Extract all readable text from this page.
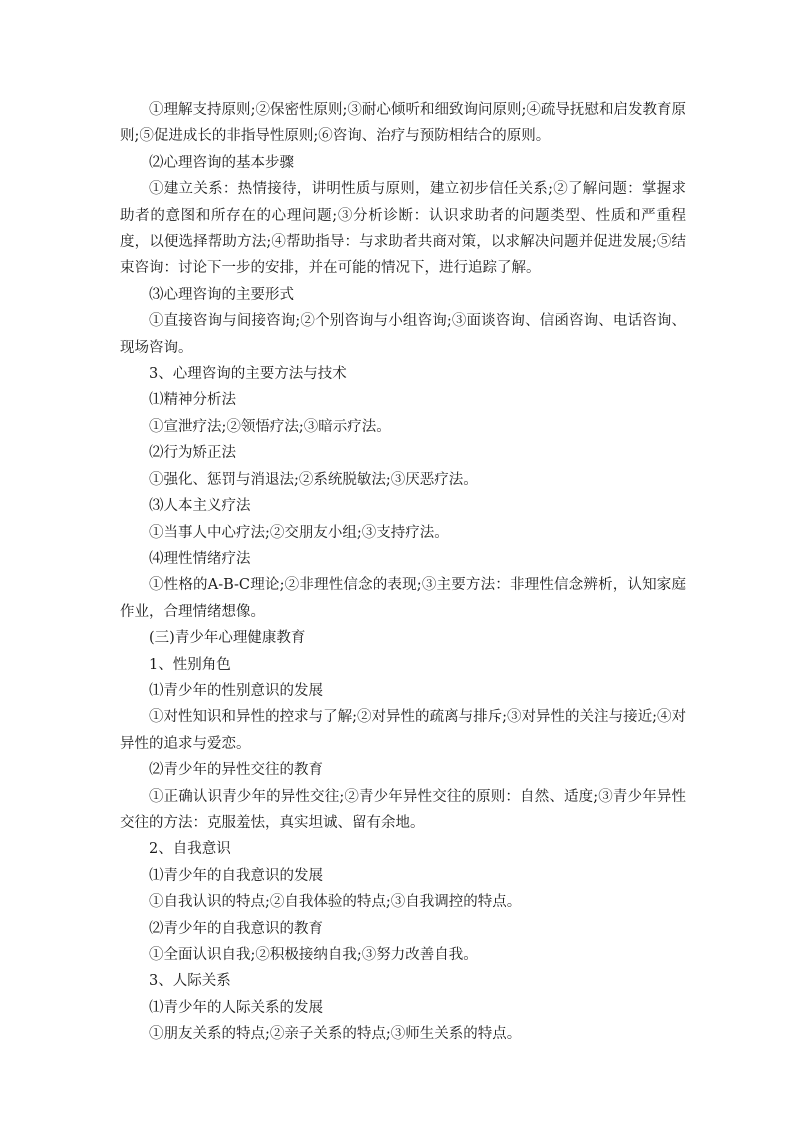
①理解支持原则;②保密性原则;③耐心倾听和细致询问原则;④疏导抚慰和启发教育原则;⑤促进成长的非指导性原则;⑥咨询、治疗与预防相结合的原则。

⑵心理咨询的基本步骤

①建立关系：热情接待，讲明性质与原则，建立初步信任关系;②了解问题：掌握求助者的意图和所存在的心理问题;③分析诊断：认识求助者的问题类型、性质和严重程度，以便选择帮助方法;④帮助指导：与求助者共商对策，以求解决问题并促进发展;⑤结束咨询：讨论下一步的安排，并在可能的情况下，进行追踪了解。

⑶心理咨询的主要形式

①直接咨询与间接咨询;②个别咨询与小组咨询;③面谈咨询、信函咨询、电话咨询、现场咨询。

3、心理咨询的主要方法与技术

⑴精神分析法

①宣泄疗法;②领悟疗法;③暗示疗法。

⑵行为矫正法

①强化、惩罚与消退法;②系统脱敏法;③厌恶疗法。

⑶人本主义疗法

①当事人中心疗法;②交朋友小组;③支持疗法。

⑷理性情绪疗法

①性格的A-B-C理论;②非理性信念的表现;③主要方法：非理性信念辨析，认知家庭作业，合理情绪想像。

(三)青少年心理健康教育

1、性别角色

⑴青少年的性别意识的发展

①对性知识和异性的控求与了解;②对异性的疏离与排斥;③对异性的关注与接近;④对异性的追求与爱恋。

⑵青少年的异性交往的教育

①正确认识青少年的异性交往;②青少年异性交往的原则：自然、适度;③青少年异性交往的方法：克服羞怯，真实坦诚、留有余地。

2、自我意识

⑴青少年的自我意识的发展

①自我认识的特点;②自我体验的特点;③自我调控的特点。

⑵青少年的自我意识的教育

①全面认识自我;②积极接纳自我;③努力改善自我。

3、人际关系

⑴青少年的人际关系的发展

①朋友关系的特点;②亲子关系的特点;③师生关系的特点。
